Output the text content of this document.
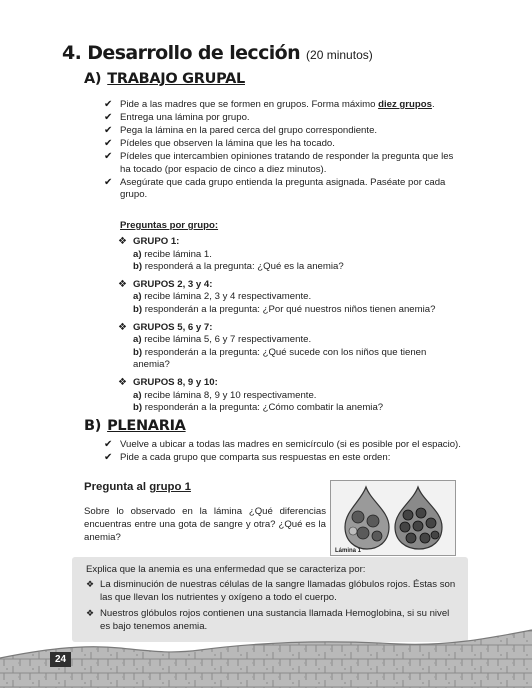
4. Desarrollo de lección (20 minutos)
A) TRABAJO GRUPAL
✔ Pide a las madres que se formen en grupos. Forma máximo diez grupos.
✔ Entrega una lámina por grupo.
✔ Pega la lámina en la pared cerca del grupo correspondiente.
✔ Pídeles que observen la lámina que les ha tocado.
✔ Pídeles que intercambien opiniones tratando de responder la pregunta que les ha tocado (por espacio de cinco a diez minutos).
✔ Asegúrate que cada grupo entienda la pregunta asignada. Paséate por cada grupo.
Preguntas por grupo:
❖ GRUPO 1:
a) recibe lámina 1.
b) responderá a la pregunta: ¿Qué es la anemia?
❖ GRUPOS 2, 3 y 4:
a) recibe lámina 2, 3 y 4 respectivamente.
b) responderán a la pregunta: ¿Por qué nuestros niños tienen anemia?
❖ GRUPOS 5, 6 y 7:
a) recibe lámina 5, 6 y 7 respectivamente.
b) responderán a la pregunta: ¿Qué sucede con los niños que tienen anemia?
❖ GRUPOS 8, 9 y 10:
a) recibe lámina 8, 9 y 10 respectivamente.
b) responderán a la pregunta: ¿Cómo combatir la anemia?
B) PLENARIA
✔ Vuelve a ubicar a todas las madres en semicírculo (si es posible por el espacio).
✔ Pide a cada grupo que comparta sus respuestas en este orden:
Pregunta al grupo 1
Sobre lo observado en la lámina ¿Qué diferencias encuentras entre una gota de sangre y otra? ¿Qué es la anemia?
Lámina 1
Explica que la anemia es una enfermedad que se caracteriza por:
❖ La disminución de nuestras células de la sangre llamadas glóbulos rojos. Éstas son las que llevan los nutrientes y oxígeno a todo el cuerpo.
❖ Nuestros glóbulos rojos contienen una sustancia llamada Hemoglobina, si su nivel es bajo tenemos anemia.
24
